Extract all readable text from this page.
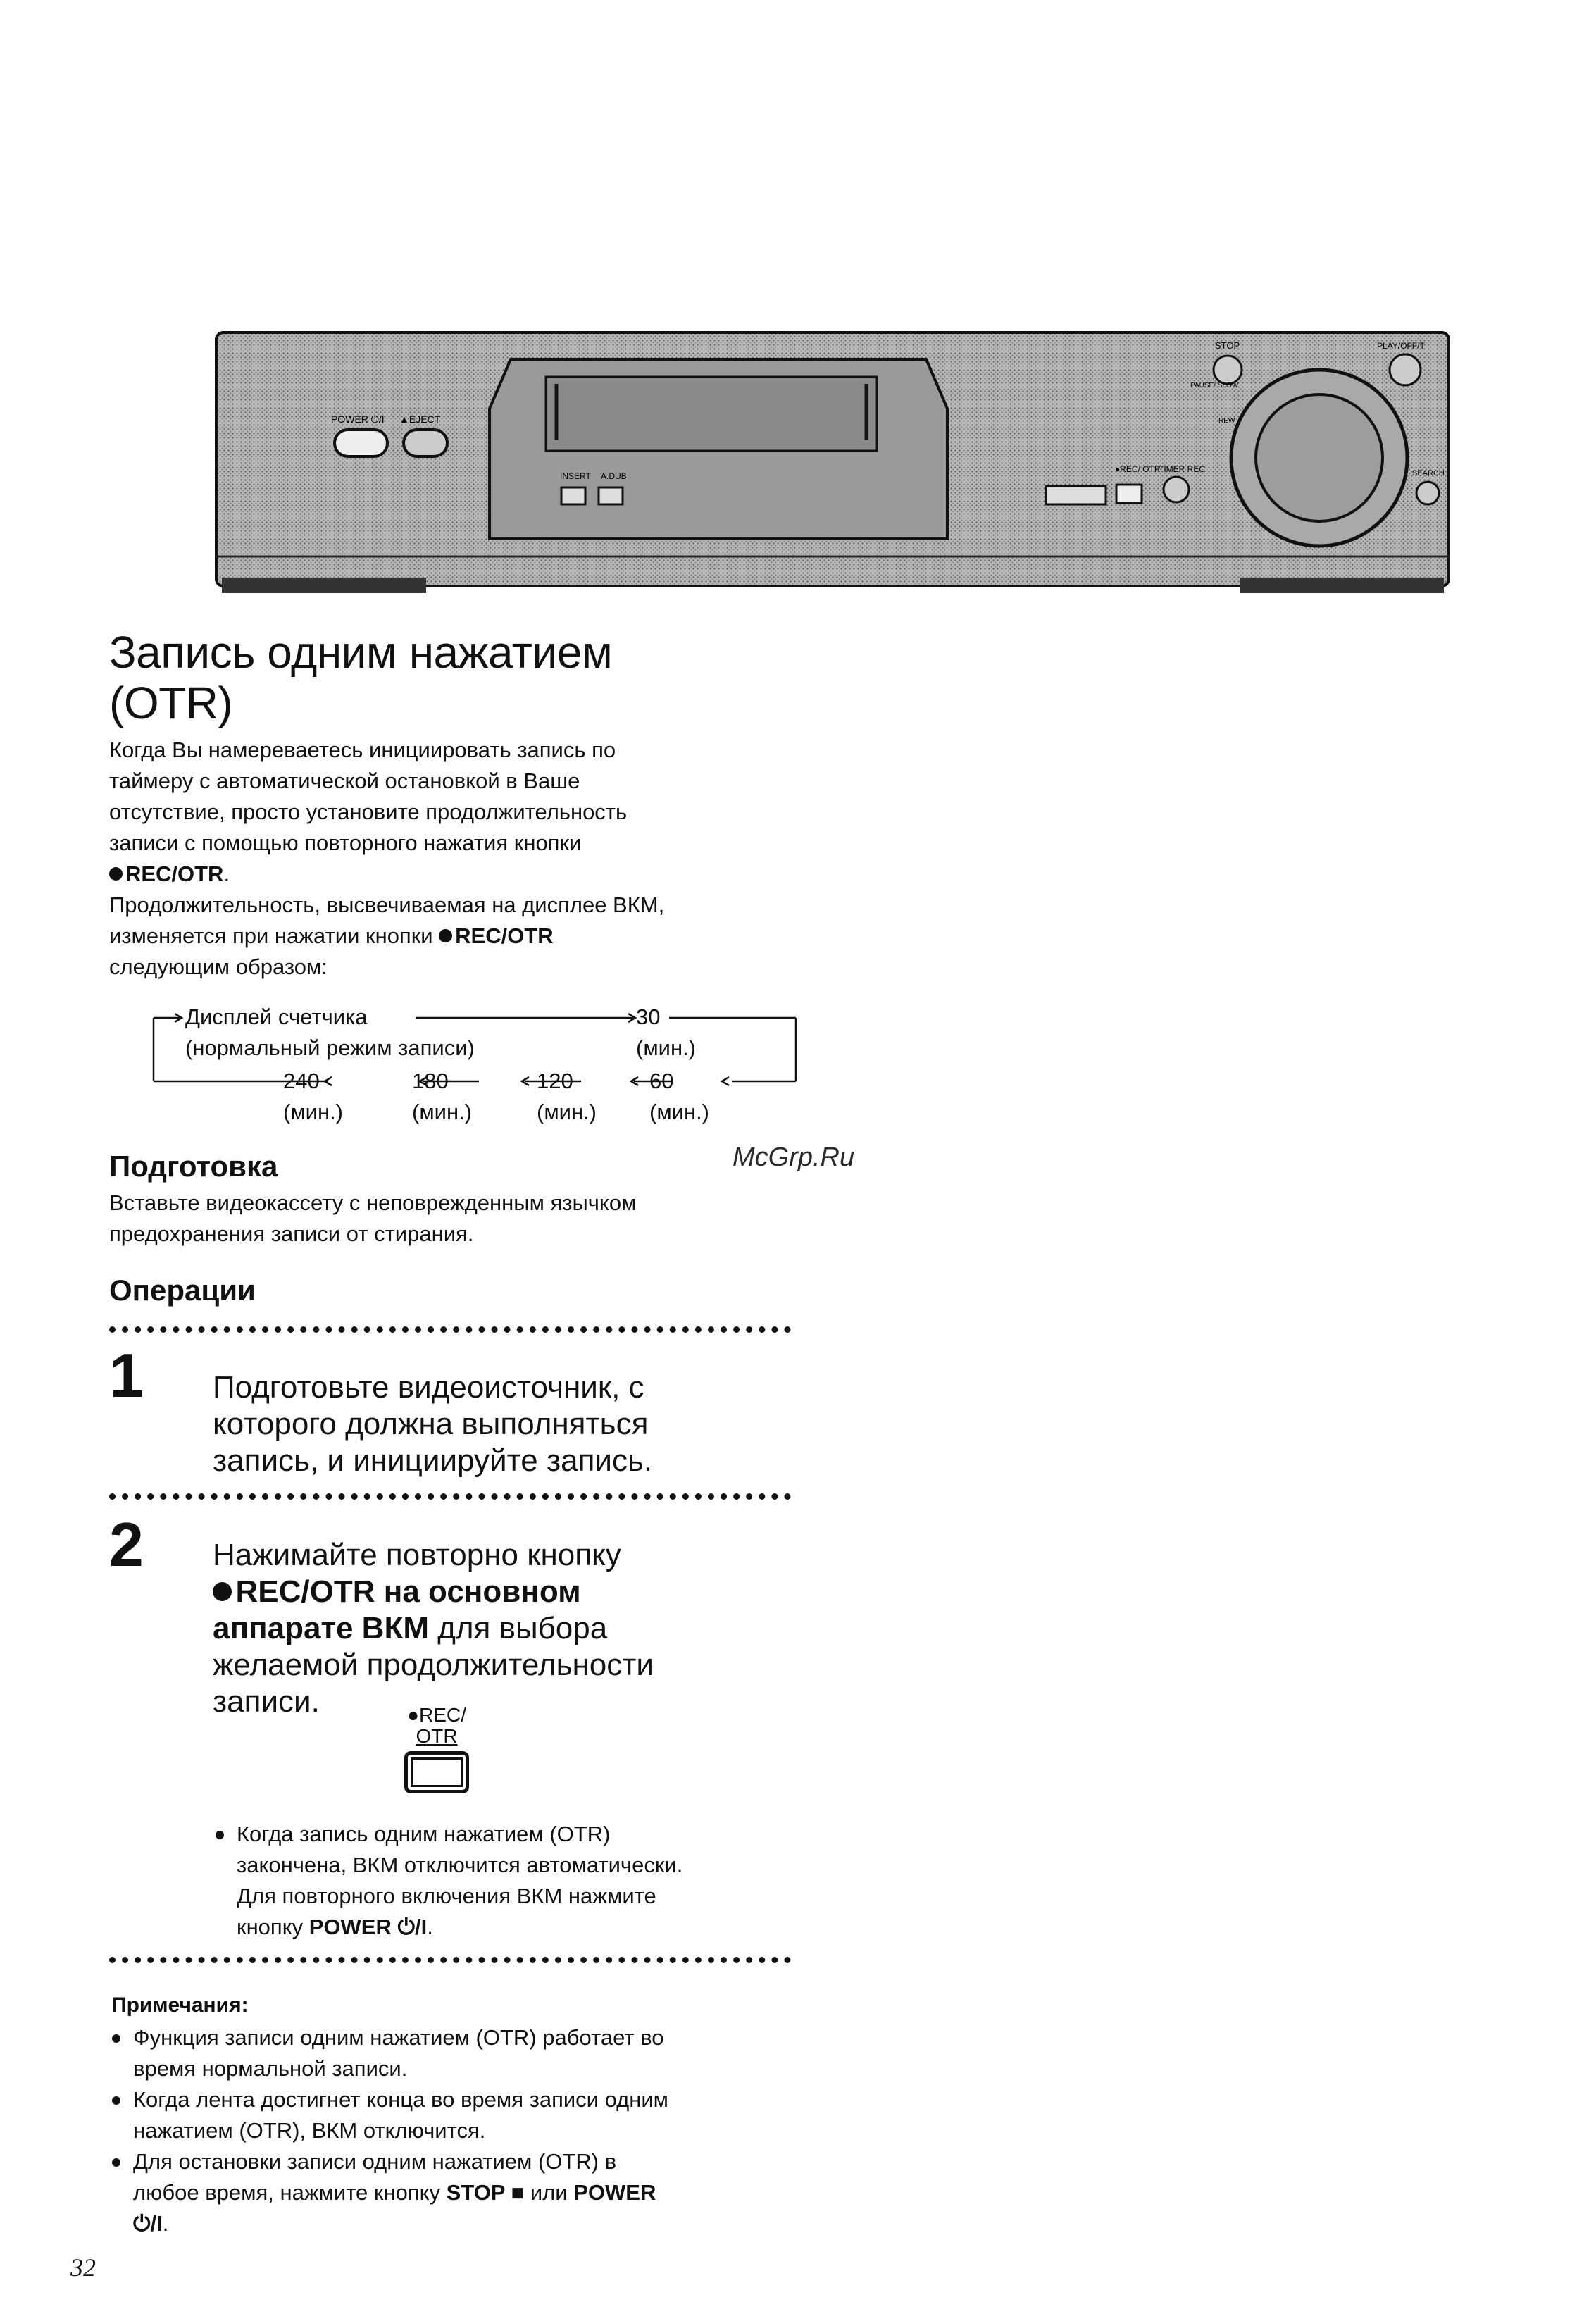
POWER ⏻/I ▲EJECT
INSERT A.DUB
●REC/ OTR
TIMER REC
STOP
PAUSE/ SLOW
REW
PLAY/OFF/T
SEARCH
Запись одним нажатием
(OTR)
Когда Вы намереваетесь инициировать запись по
таймеру с автоматической остановкой в Ваше
отсутствие, просто установите продолжительность
записи с помощью повторного нажатия кнопки
REC/OTR.
Продолжительность, высвечиваемая на дисплее ВКМ,
изменяется при нажатии кнопки REC/OTR
следующим образом:
Дисплей счетчика
(нормальный режим записи)
30
(мин.)
240	180	120	60
(мин.)	(мин.)	(мин.) (мин.)
McGrp.Ru
Подготовка
Вставьте видеокассету с неповрежденным язычком
предохранения записи от стирания.
Операции
1 Подготовьте видеоисточник, с
которого должна выполняться
запись, и инициируйте запись.
2 Нажимайте повторно кнопку
REC/OTR на основном
аппарате ВКМ для выбора
желаемой продолжительности
записи.	●REC/
OTR
Когда запись одним нажатием (OTR)
закончена, ВКМ отключится автоматически.
Для повторного включения ВКМ нажмите
кнопку POWER ⏻/I.
Примечания:
Функция записи одним нажатием (OTR) работает во
время нормальной записи.
Когда лента достигнет конца во время записи одним
нажатием (OTR), ВКМ отключится.
Для остановки записи одним нажатием (OTR) в
любое время, нажмите кнопку STOP ■ или POWER
⏻/I.
32
